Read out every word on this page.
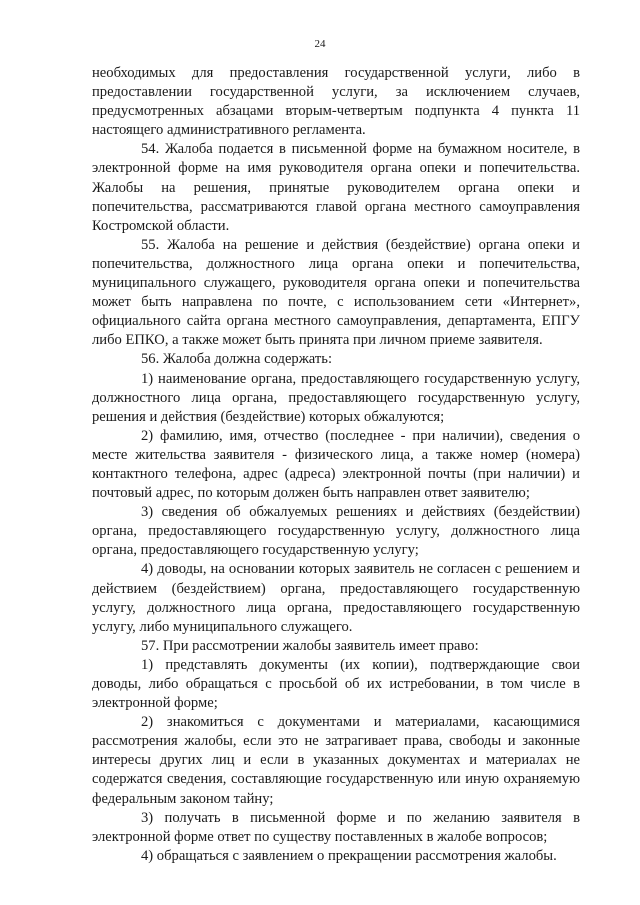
24

необходимых для предоставления государственной услуги, либо в предоставлении государственной услуги, за исключением случаев, предусмотренных абзацами вторым-четвертым подпункта 4 пункта 11 настоящего административного регламента.

54. Жалоба подается в письменной форме на бумажном носителе, в электронной форме на имя руководителя органа опеки и попечительства. Жалобы на решения, принятые руководителем органа опеки и попечительства, рассматриваются главой органа местного самоуправления Костромской области.

55. Жалоба на решение и действия (бездействие) органа опеки и попечительства, должностного лица органа опеки и попечительства, муниципального служащего, руководителя органа опеки и попечительства может быть направлена по почте, с использованием сети «Интернет», официального сайта органа местного самоуправления, департамента, ЕПГУ либо ЕПКО, а также может быть принята при личном приеме заявителя.

56. Жалоба должна содержать:

1) наименование органа, предоставляющего государственную услугу, должностного лица органа, предоставляющего государственную услугу, решения и действия (бездействие) которых обжалуются;

2) фамилию, имя, отчество (последнее - при наличии), сведения о месте жительства заявителя - физического лица, а также номер (номера) контактного телефона, адрес (адреса) электронной почты (при наличии) и почтовый адрес, по которым должен быть направлен ответ заявителю;

3) сведения об обжалуемых решениях и действиях (бездействии) органа, предоставляющего государственную услугу, должностного лица органа, предоставляющего государственную услугу;

4) доводы, на основании которых заявитель не согласен с решением и действием (бездействием) органа, предоставляющего государственную услугу, должностного лица органа, предоставляющего государственную услугу, либо муниципального служащего.

57. При рассмотрении жалобы заявитель имеет право:

1) представлять документы (их копии), подтверждающие свои доводы, либо обращаться с просьбой об их истребовании, в том числе в электронной форме;

2) знакомиться с документами и материалами, касающимися рассмотрения жалобы, если это не затрагивает права, свободы и законные интересы других лиц и если в указанных документах и материалах не содержатся сведения, составляющие государственную или иную охраняемую федеральным законом тайну;

3) получать в письменной форме и по желанию заявителя в электронной форме ответ по существу поставленных в жалобе вопросов;

4) обращаться с заявлением о прекращении рассмотрения жалобы.
